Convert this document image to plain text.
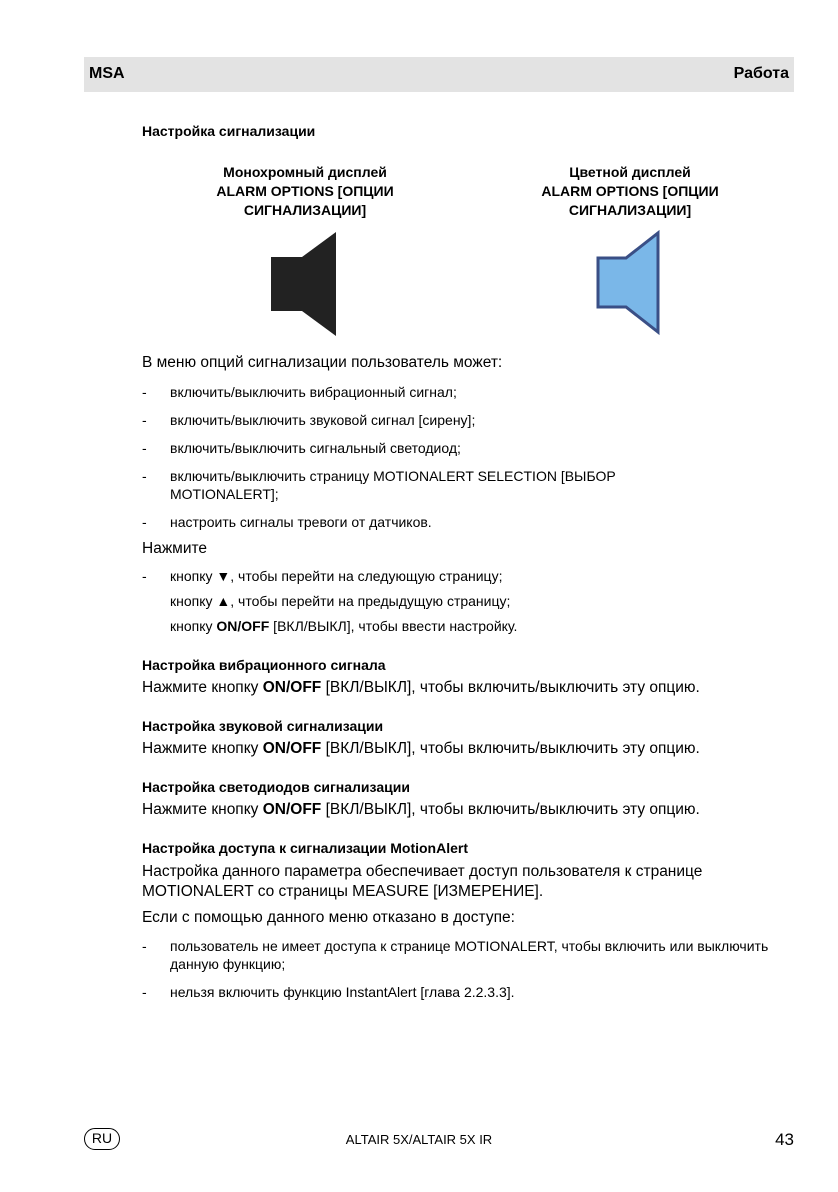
MSA	Работа
Настройка сигнализации
Монохромный дисплей
ALARM OPTIONS [ОПЦИИ
СИГНАЛИЗАЦИИ]
Цветной дисплей
ALARM OPTIONS [ОПЦИИ
СИГНАЛИЗАЦИИ]
В меню опций сигнализации пользователь может:
- включить/выключить вибрационный сигнал;
- включить/выключить звуковой сигнал [сирену];
- включить/выключить сигнальный светодиод;
- включить/выключить страницу MOTIONALERT SELECTION [ВЫБОР MOTIONALERT];
- настроить сигналы тревоги от датчиков.
Нажмите
- кнопку ▼, чтобы перейти на следующую страницу;
кнопку ▲, чтобы перейти на предыдущую страницу;
кнопку ON/OFF [ВКЛ/ВЫКЛ], чтобы ввести настройку.
Настройка вибрационного сигнала
Нажмите кнопку ON/OFF [ВКЛ/ВЫКЛ], чтобы включить/выключить эту опцию.
Настройка звуковой сигнализации
Нажмите кнопку ON/OFF [ВКЛ/ВЫКЛ], чтобы включить/выключить эту опцию.
Настройка светодиодов сигнализации
Нажмите кнопку ON/OFF [ВКЛ/ВЫКЛ], чтобы включить/выключить эту опцию.
Настройка доступа к сигнализации MotionAlert
Настройка данного параметра обеспечивает доступ пользователя к странице MOTIONALERT со страницы MEASURE [ИЗМЕРЕНИЕ].
Если с помощью данного меню отказано в доступе:
- пользователь не имеет доступа к странице MOTIONALERT, чтобы включить или выключить данную функцию;
- нельзя включить функцию InstantAlert [глава 2.2.3.3].
RU	ALTAIR 5X/ALTAIR 5X IR	43
